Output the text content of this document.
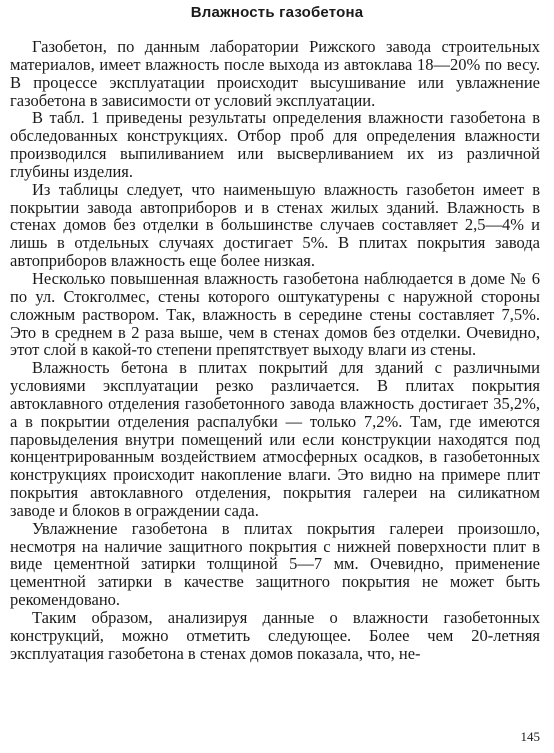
Влажность газобетона

Газобетон, по данным лаборатории Рижского завода строительных материалов, имеет влажность после выхода из автоклава 18—20% по весу. В процессе эксплуатации происходит высушивание или увлажнение газобетона в зависимости от условий эксплуатации.

В табл. 1 приведены результаты определения влажности газобетона в обследованных конструкциях. Отбор проб для определения влажности производился выпиливанием или высверливанием их из различной глубины изделия.

Из таблицы следует, что наименьшую влажность газобетон имеет в покрытии завода автоприборов и в стенах жилых зданий. Влажность в стенах домов без отделки в большинстве случаев составляет 2,5—4% и лишь в отдельных случаях достигает 5%. В плитах покрытия завода автоприборов влажность еще более низкая.

Несколько повышенная влажность газобетона наблюдается в доме № 6 по ул. Стокголмес, стены которого оштукатурены с наружной стороны сложным раствором. Так, влажность в середине стены составляет 7,5%. Это в среднем в 2 раза выше, чем в стенах домов без отделки. Очевидно, этот слой в какой-то степени препятствует выходу влаги из стены.

Влажность бетона в плитах покрытий для зданий с различными условиями эксплуатации резко различается. В плитах покрытия автоклавного отделения газобетонного завода влажность достигает 35,2%, а в покрытии отделения распалубки — только 7,2%. Там, где имеются паровыделения внутри помещений или если конструкции находятся под концентрированным воздействием атмосферных осадков, в газобетонных конструкциях происходит накопление влаги. Это видно на примере плит покрытия автоклавного отделения, покрытия галереи на силикатном заводе и блоков в ограждении сада.

Увлажнение газобетона в плитах покрытия галереи произошло, несмотря на наличие защитного покрытия с нижней поверхности плит в виде цементной затирки толщиной 5—7 мм. Очевидно, применение цементной затирки в качестве защитного покрытия не может быть рекомендовано.

Таким образом, анализируя данные о влажности газобетонных конструкций, можно отметить следующее. Более чем 20-летняя эксплуатация газобетона в стенах домов показала, что, не-

145
